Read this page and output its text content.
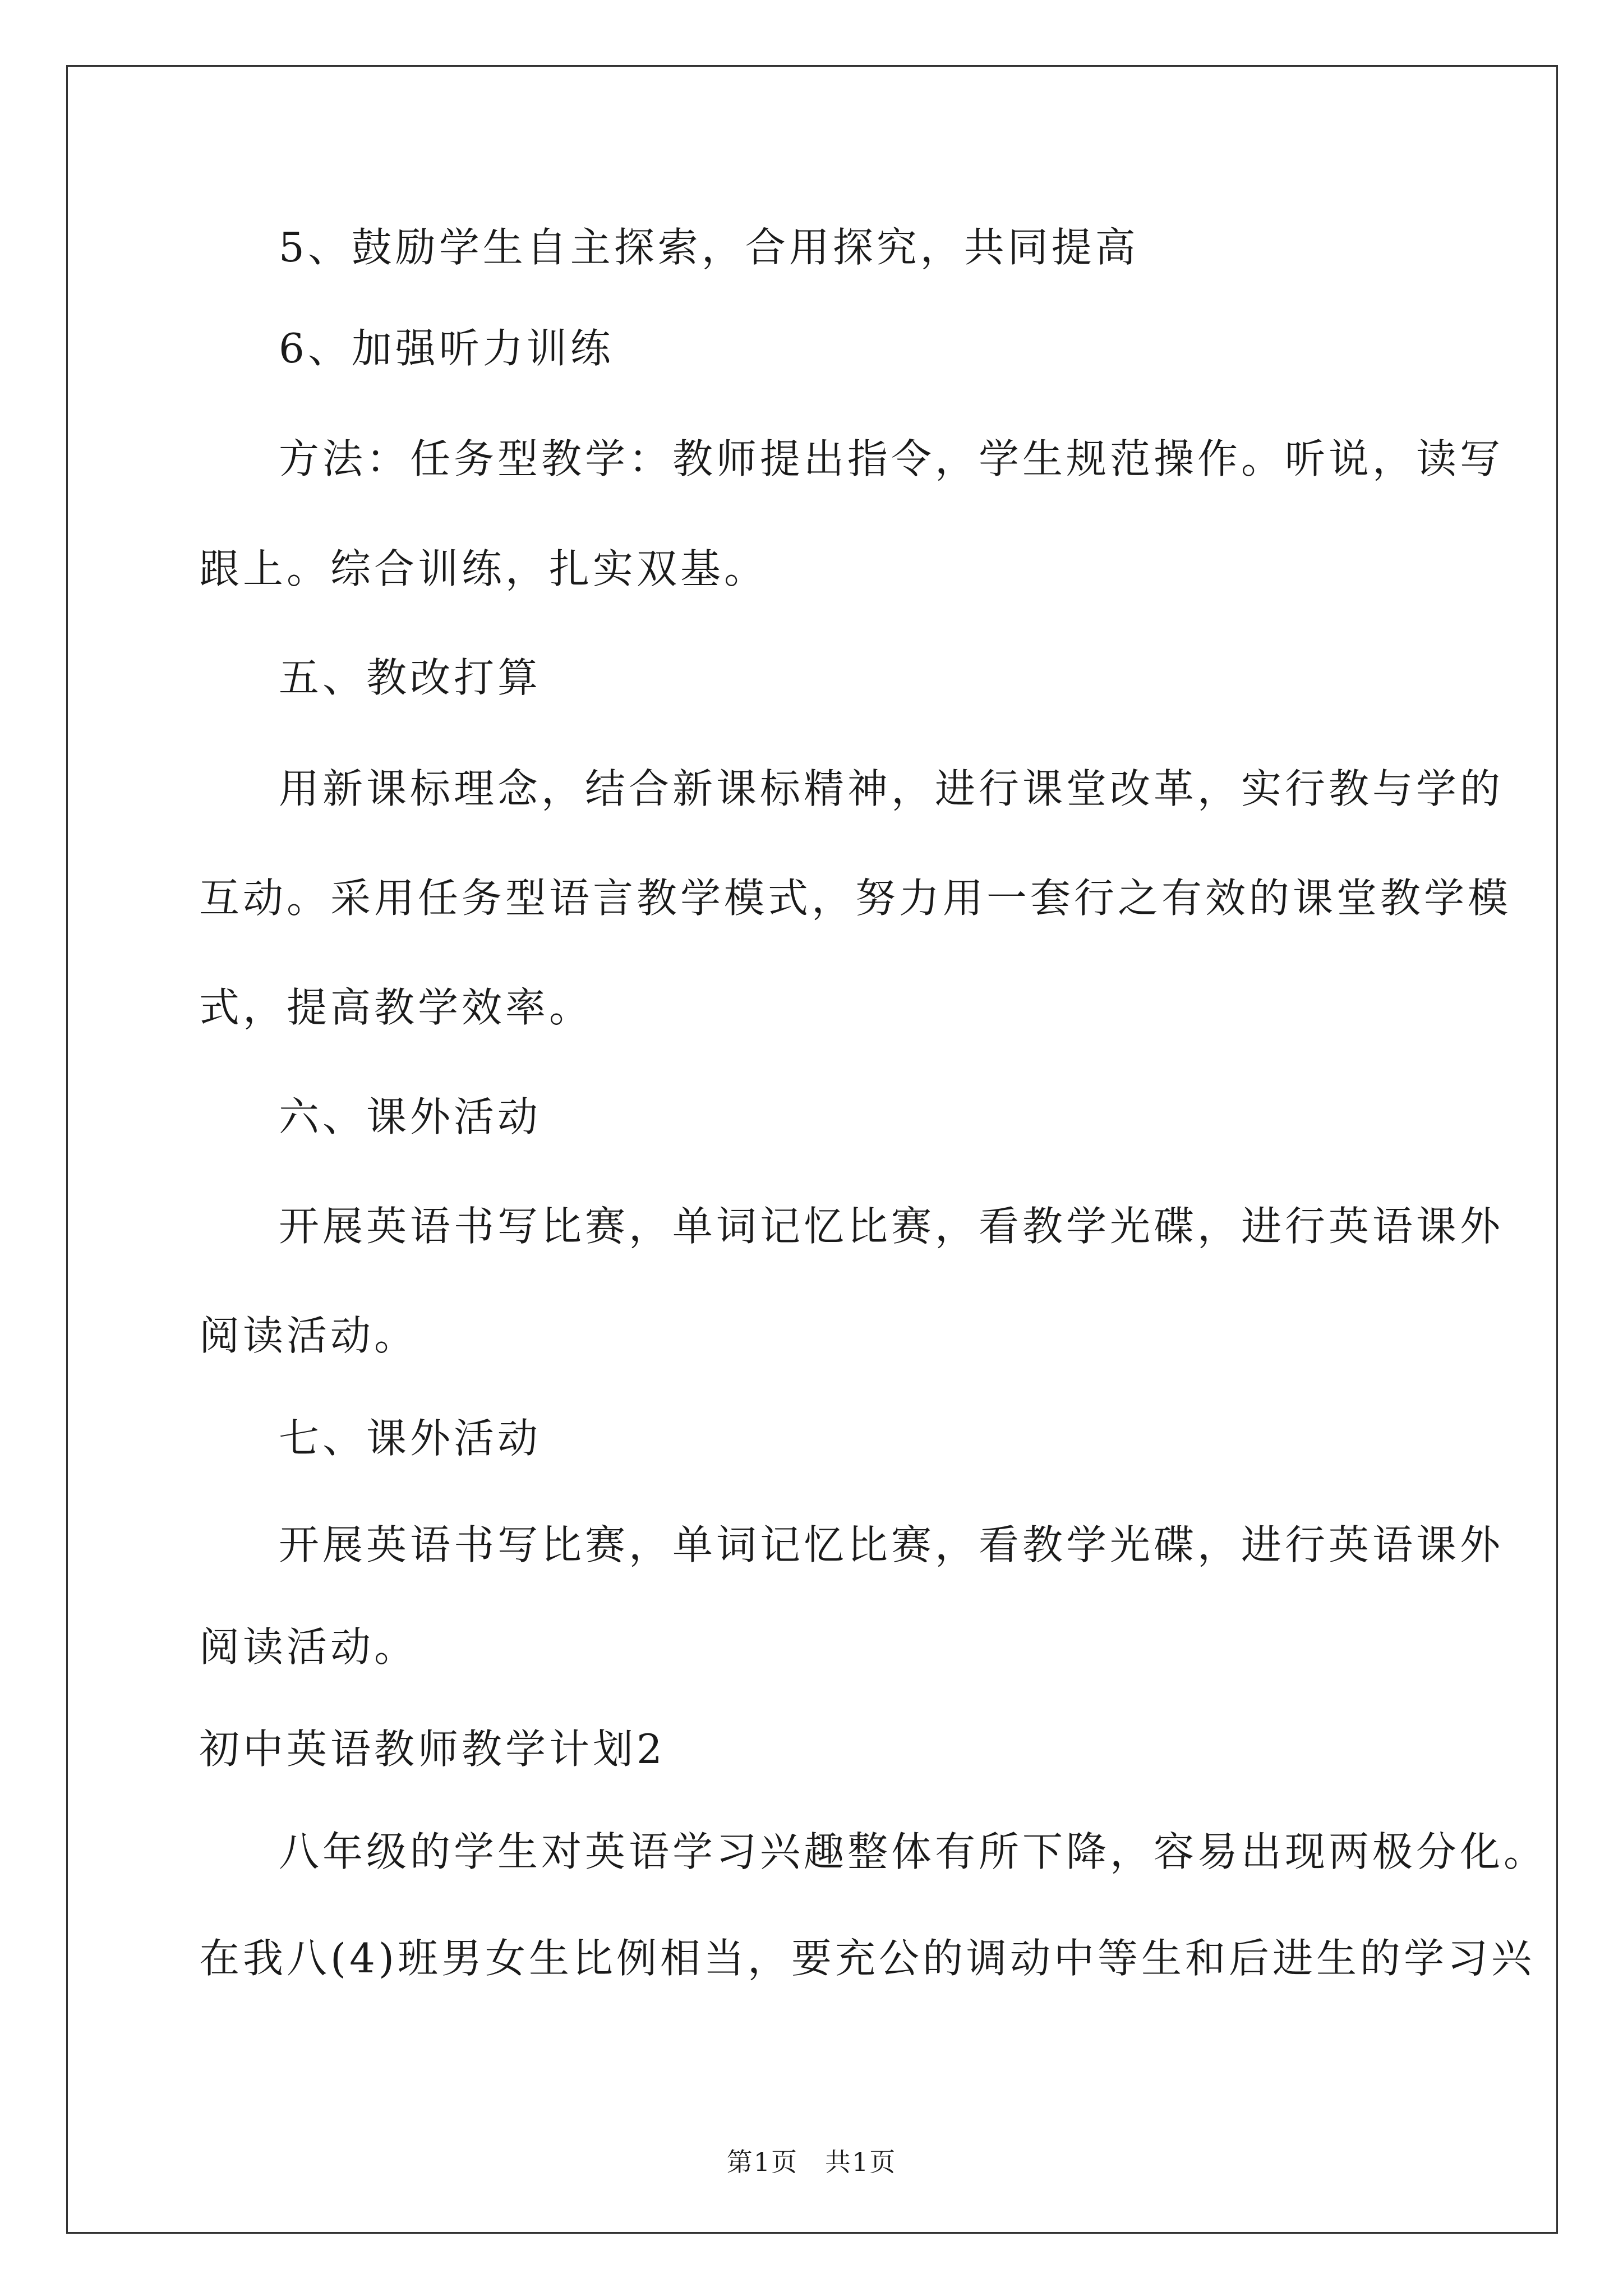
5、鼓励学生自主探索，合用探究，共同提高
6、加强听力训练
方法：任务型教学：教师提出指令，学生规范操作。听说，读写
跟上。综合训练，扎实双基。
五、教改打算
用新课标理念，结合新课标精神，进行课堂改革，实行教与学的
互动。采用任务型语言教学模式，努力用一套行之有效的课堂教学模
式，提高教学效率。
六、课外活动
开展英语书写比赛，单词记忆比赛，看教学光碟，进行英语课外
阅读活动。
七、课外活动
开展英语书写比赛，单词记忆比赛，看教学光碟，进行英语课外
阅读活动。
初中英语教师教学计划2
八年级的学生对英语学习兴趣整体有所下降，容易出现两极分化。
在我八(4)班男女生比例相当，要充公的调动中等生和后进生的学习兴
第1页　共1页
